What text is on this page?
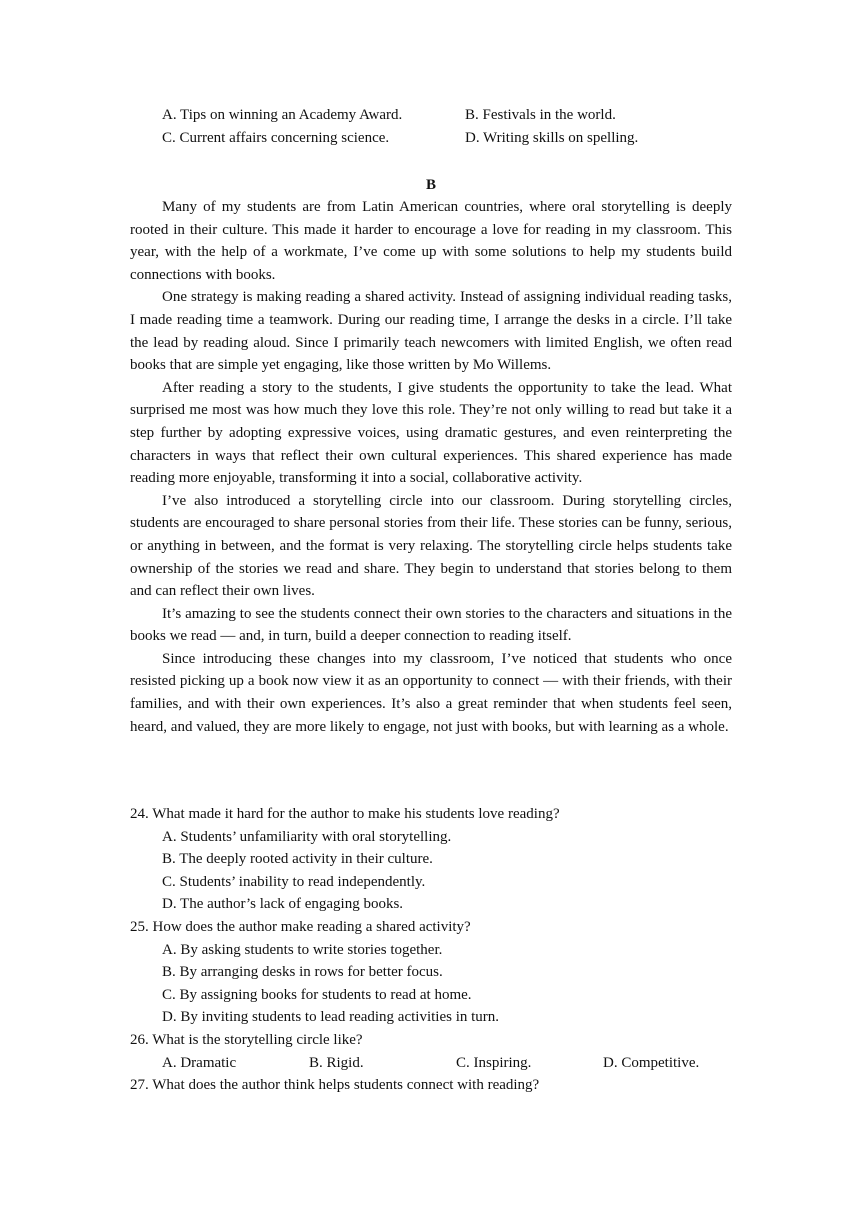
A. Tips on winning an Academy Award.	B. Festivals in the world.
C. Current affairs concerning science.	D. Writing skills on spelling.
B

Many of my students are from Latin American countries, where oral storytelling is deeply rooted in their culture. This made it harder to encourage a love for reading in my classroom. This year, with the help of a workmate, I’ve come up with some solutions to help my students build connections with books.

One strategy is making reading a shared activity. Instead of assigning individual reading tasks, I made reading time a teamwork. During our reading time, I arrange the desks in a circle. I’ll take the lead by reading aloud. Since I primarily teach newcomers with limited English, we often read books that are simple yet engaging, like those written by Mo Willems.

After reading a story to the students, I give students the opportunity to take the lead. What surprised me most was how much they love this role. They’re not only willing to read but take it a step further by adopting expressive voices, using dramatic gestures, and even reinterpreting the characters in ways that reflect their own cultural experiences. This shared experience has made reading more enjoyable, transforming it into a social, collaborative activity.

I’ve also introduced a storytelling circle into our classroom. During storytelling circles, students are encouraged to share personal stories from their life. These stories can be funny, serious, or anything in between, and the format is very relaxing. The storytelling circle helps students take ownership of the stories we read and share. They begin to understand that stories belong to them and can reflect their own lives.

It’s amazing to see the students connect their own stories to the characters and situations in the books we read — and, in turn, build a deeper connection to reading itself.

Since introducing these changes into my classroom, I’ve noticed that students who once resisted picking up a book now view it as an opportunity to connect — with their friends, with their families, and with their own experiences. It’s also a great reminder that when students feel seen, heard, and valued, they are more likely to engage, not just with books, but with learning as a whole.

24. What made it hard for the author to make his students love reading?
A. Students’ unfamiliarity with oral storytelling.
B. The deeply rooted activity in their culture.
C. Students’ inability to read independently.
D. The author’s lack of engaging books.
25. How does the author make reading a shared activity?
A. By asking students to write stories together.
B. By arranging desks in rows for better focus.
C. By assigning books for students to read at home.
D. By inviting students to lead reading activities in turn.
26. What is the storytelling circle like?
A. Dramatic	B. Rigid.	C. Inspiring.	D. Competitive.
27. What does the author think helps students connect with reading?
